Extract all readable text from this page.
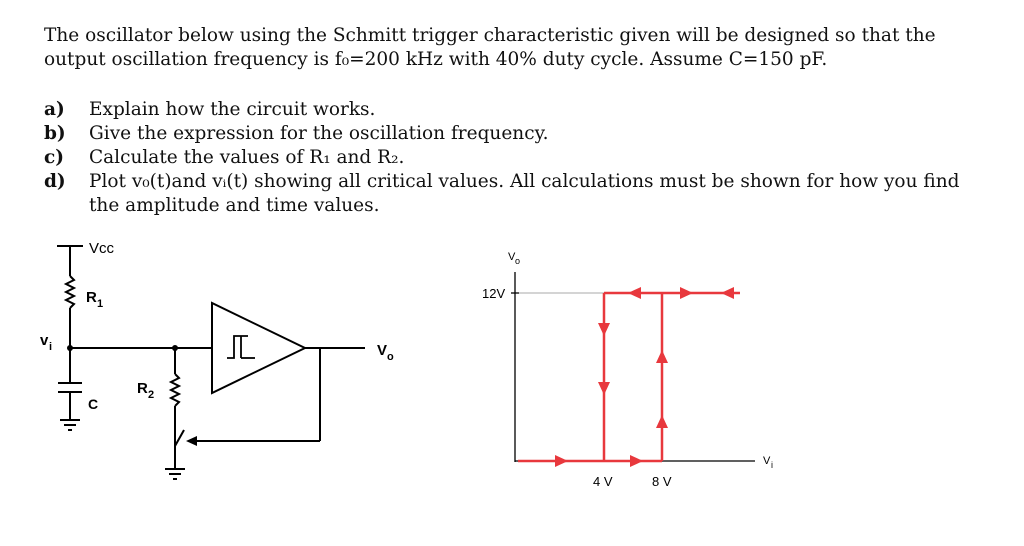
The oscillator below using the Schmitt trigger characteristic given will be designed so that the
output oscillation frequency is f₀=200 kHz with 40% duty cycle. Assume C=150 pF.
a) Explain how the circuit works.
b) Give the expression for the oscillation frequency.
c) Calculate the values of R₁ and R₂.
d) Plot v₀(t)and vᵢ(t) showing all critical values. All calculations must be shown for how you find
the amplitude and time values.
Vcc
R 1
v i
R 2
C
V o
V o
12V
4 V	8 V
V i
